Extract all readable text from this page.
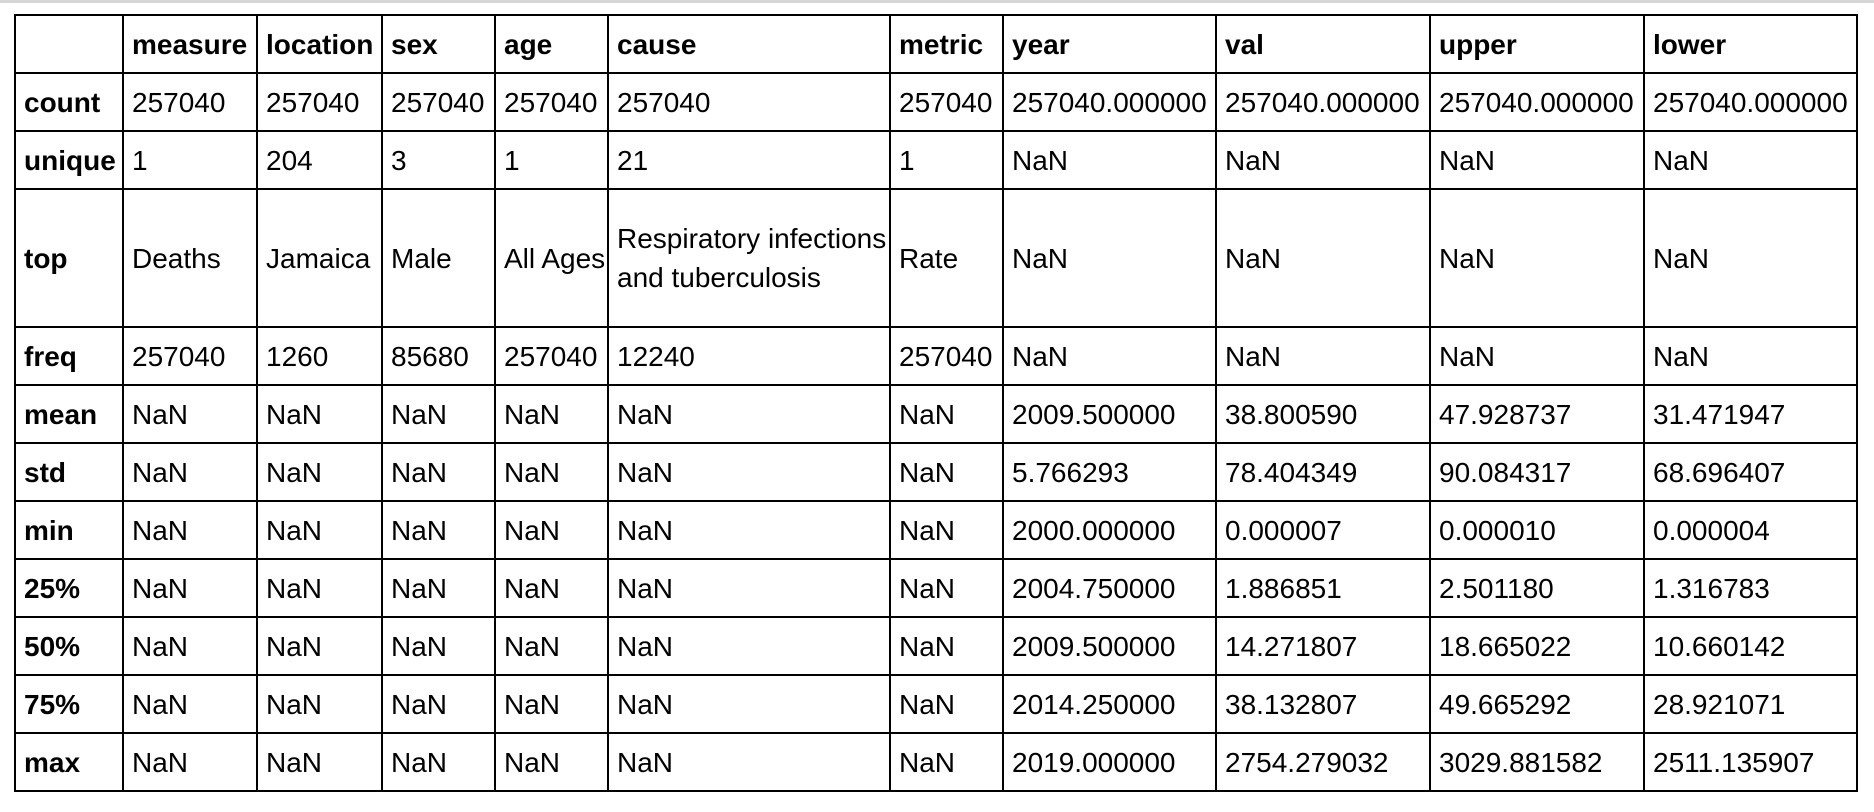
	measure	location	sex	age	cause	metric	year	val	upper	lower
count	257040	257040	257040	257040	257040	257040	257040.000000	257040.000000	257040.000000	257040.000000
unique	1	204	3	1	21	1	NaN	NaN	NaN	NaN
top	Deaths	Jamaica	Male	All Ages	Respiratory infections and tuberculosis	Rate	NaN	NaN	NaN	NaN
freq	257040	1260	85680	257040	12240	257040	NaN	NaN	NaN	NaN
mean	NaN	NaN	NaN	NaN	NaN	NaN	2009.500000	38.800590	47.928737	31.471947
std	NaN	NaN	NaN	NaN	NaN	NaN	5.766293	78.404349	90.084317	68.696407
min	NaN	NaN	NaN	NaN	NaN	NaN	2000.000000	0.000007	0.000010	0.000004
25%	NaN	NaN	NaN	NaN	NaN	NaN	2004.750000	1.886851	2.501180	1.316783
50%	NaN	NaN	NaN	NaN	NaN	NaN	2009.500000	14.271807	18.665022	10.660142
75%	NaN	NaN	NaN	NaN	NaN	NaN	2014.250000	38.132807	49.665292	28.921071
max	NaN	NaN	NaN	NaN	NaN	NaN	2019.000000	2754.279032	3029.881582	2511.135907
